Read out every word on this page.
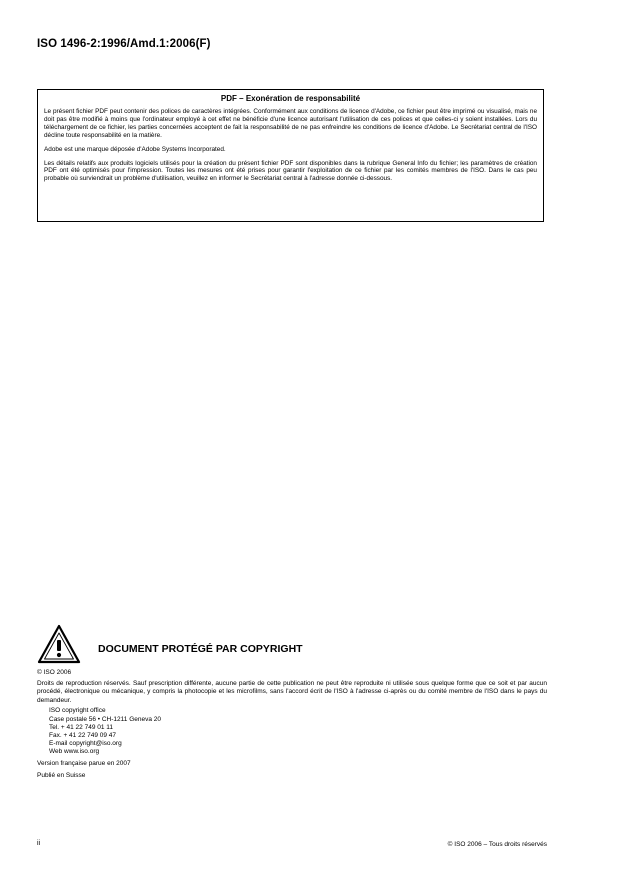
ISO 1496-2:1996/Amd.1:2006(F)
PDF – Exonération de responsabilité

Le présent fichier PDF peut contenir des polices de caractères intégrées. Conformément aux conditions de licence d'Adobe, ce fichier peut être imprimé ou visualisé, mais ne doit pas être modifié à moins que l'ordinateur employé à cet effet ne bénéficie d'une licence autorisant l'utilisation de ces polices et que celles-ci y soient installées. Lors du téléchargement de ce fichier, les parties concernées acceptent de fait la responsabilité de ne pas enfreindre les conditions de licence d'Adobe. Le Secrétariat central de l'ISO décline toute responsabilité en la matière.

Adobe est une marque déposée d'Adobe Systems Incorporated.

Les détails relatifs aux produits logiciels utilisés pour la création du présent fichier PDF sont disponibles dans la rubrique General Info du fichier; les paramètres de création PDF ont été optimisés pour l'impression. Toutes les mesures ont été prises pour garantir l'exploitation de ce fichier par les comités membres de l'ISO. Dans le cas peu probable où surviendrait un problème d'utilisation, veuillez en informer le Secrétariat central à l'adresse donnée ci-dessous.

DOCUMENT PROTÉGÉ PAR COPYRIGHT
© ISO 2006
Droits de reproduction réservés. Sauf prescription différente, aucune partie de cette publication ne peut être reproduite ni utilisée sous quelque forme que ce soit et par aucun procédé, électronique ou mécanique, y compris la photocopie et les microfilms, sans l'accord écrit de l'ISO à l'adresse ci-après ou du comité membre de l'ISO dans le pays du demandeur.
ISO copyright office
Case postale 56 • CH-1211 Geneva 20
Tel. + 41 22 749 01 11
Fax. + 41 22 749 09 47
E-mail copyright@iso.org
Web www.iso.org
Version française parue en 2007
Publié en Suisse
ii	© ISO 2006 – Tous droits réservés
